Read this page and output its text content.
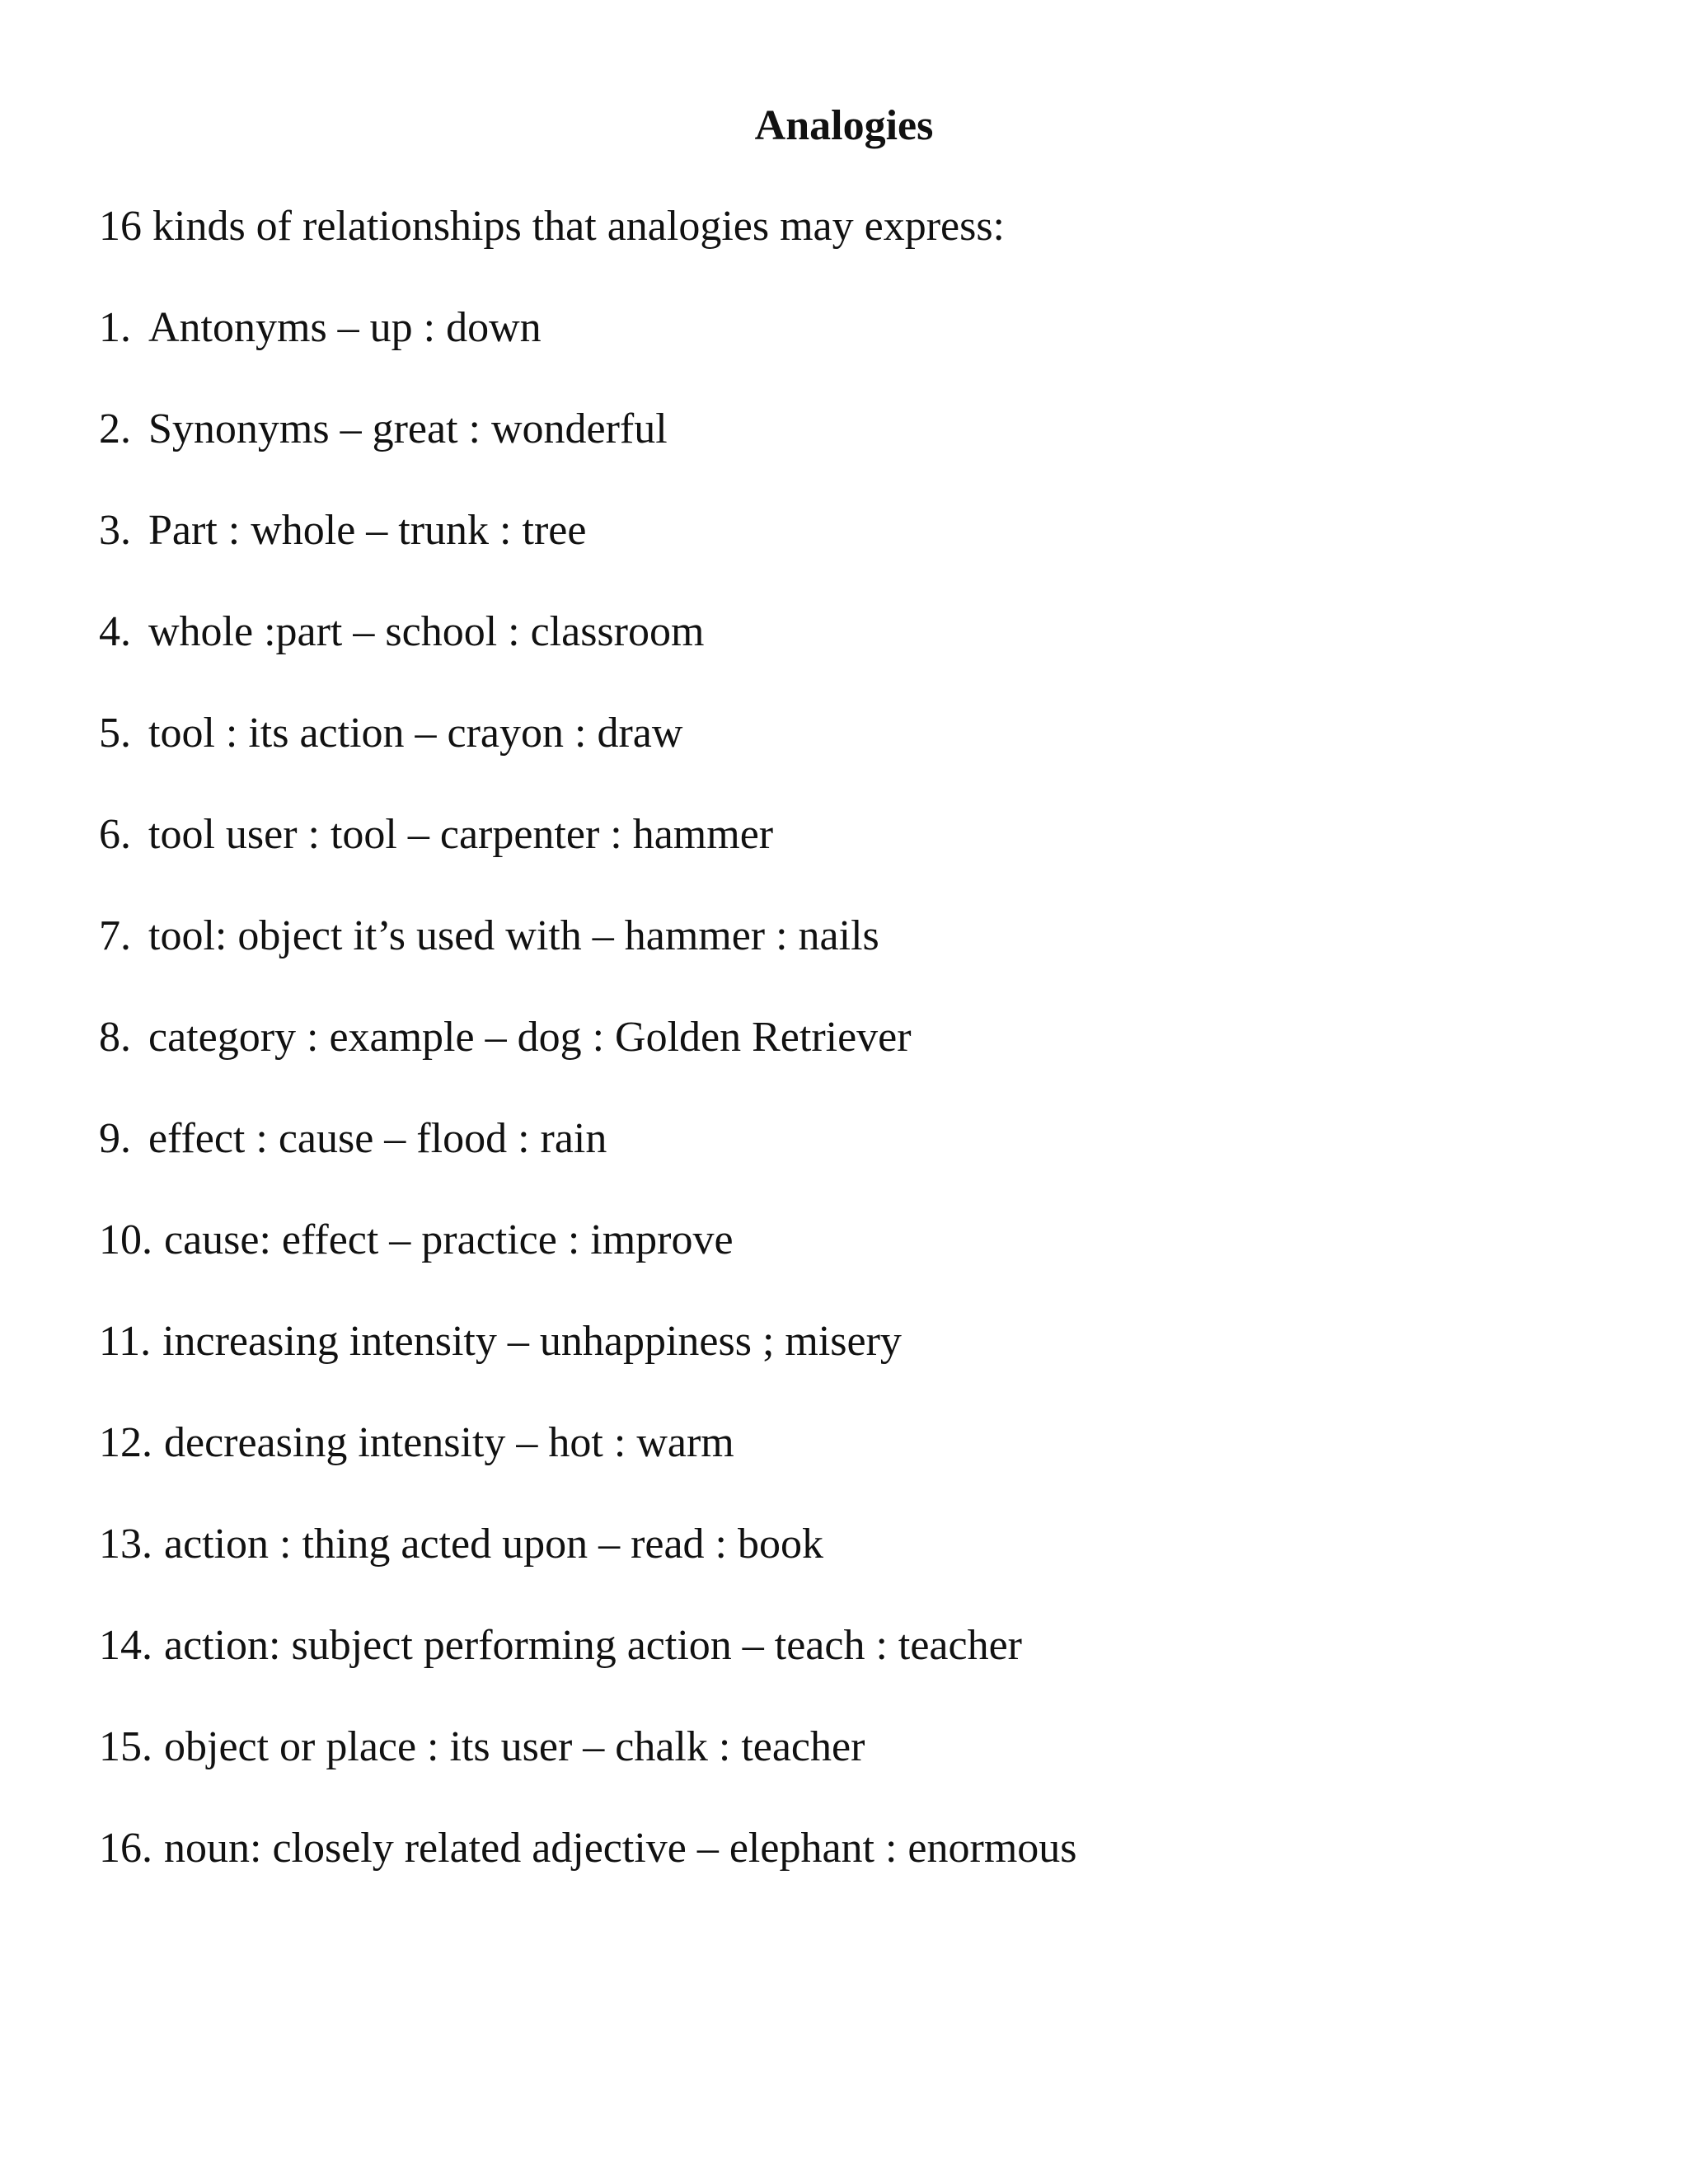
Analogies

16 kinds of relationships that analogies may express:

1. Antonyms – up : down
2. Synonyms – great : wonderful
3. Part : whole – trunk : tree
4. whole :part – school : classroom
5. tool : its action – crayon : draw
6. tool user : tool – carpenter : hammer
7. tool: object it’s used with – hammer : nails
8. category : example – dog : Golden Retriever
9. effect : cause – flood : rain
10. cause: effect – practice : improve
11. increasing intensity – unhappiness ; misery
12. decreasing intensity – hot : warm
13. action : thing acted upon – read : book
14. action: subject performing action – teach : teacher
15. object or place : its user – chalk : teacher
16. noun: closely related adjective – elephant : enormous
